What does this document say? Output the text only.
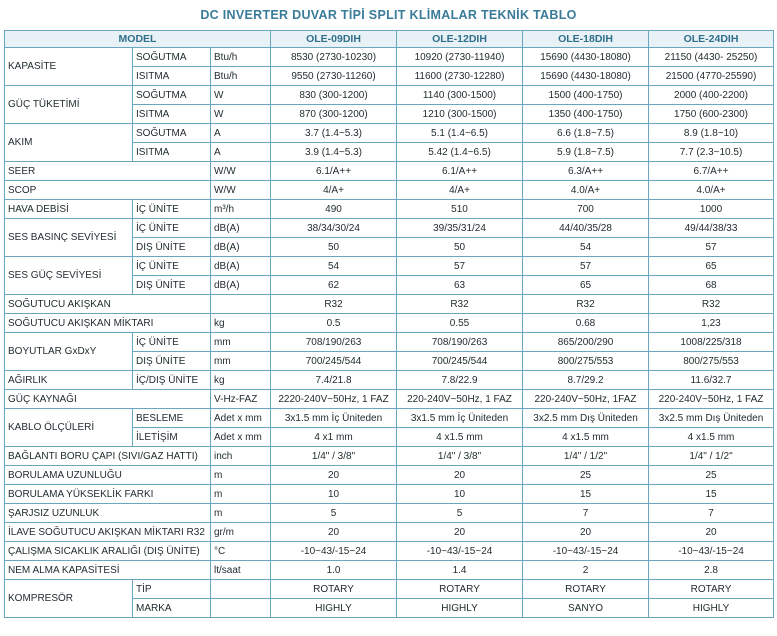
DC INVERTER DUVAR TİPİ SPLIT KLİMALAR TEKNİK TABLO
MODEL			OLE-09DIH	OLE-12DIH	OLE-18DIH	OLE-24DIH
KAPASİTE	SOĞUTMA	Btu/h	8530 (2730-10230)	10920 (2730-11940)	15690 (4430-18080)	21150 (4430- 25250)
	ISITMA	Btu/h	9550 (2730-11260)	11600 (2730-12280)	15690 (4430-18080)	21500 (4770-25590)
GÜÇ TÜKETİMİ	SOĞUTMA	W	830 (300-1200)	1140 (300-1500)	1500 (400-1750)	2000 (400-2200)
	ISITMA	W	870 (300-1200)	1210 (300-1500)	1350 (400-1750)	1750 (600-2300)
AKIM	SOĞUTMA	A	3.7 (1.4~5.3)	5.1 (1.4~6.5)	6.6 (1.8~7.5)	8.9 (1.8~10)
	ISITMA	A	3.9 (1.4~5.3)	5.42 (1.4~6.5)	5.9 (1.8~7.5)	7.7 (2.3~10.5)
SEER		W/W	6.1/A++	6.1/A++	6.3/A++	6.7/A++
SCOP		W/W	4/A+	4/A+	4.0/A+	4.0/A+
HAVA DEBİSİ	İÇ ÜNİTE	m³/h	490	510	700	1000
SES BASINÇ SEVİYESİ	İÇ ÜNİTE	dB(A)	38/34/30/24	39/35/31/24	44/40/35/28	49/44/38/33
	DIŞ ÜNİTE	dB(A)	50	50	54	57
SES GÜÇ SEVİYESİ	İÇ ÜNİTE	dB(A)	54	57	57	65
	DIŞ ÜNİTE	dB(A)	62	63	65	68
SOĞUTUCU AKIŞKAN			R32	R32	R32	R32
SOĞUTUCU AKIŞKAN MİKTARI		kg	0.5	0.55	0.68	1,23
BOYUTLAR GxDxY	İÇ ÜNİTE	mm	708/190/263	708/190/263	865/200/290	1008/225/318
	DIŞ ÜNİTE	mm	700/245/544	700/245/544	800/275/553	800/275/553
AĞIRLIK	İÇ/DIŞ ÜNİTE	kg	7.4/21.8	7.8/22.9	8.7/29.2	11.6/32.7
GÜÇ KAYNAĞI		V-Hz-FAZ	2220-240V~50Hz, 1 FAZ	220-240V~50Hz, 1 FAZ	220-240V~50Hz, 1FAZ	220-240V~50Hz, 1 FAZ
KABLO ÖLÇÜLERİ	BESLEME	Adet x mm	3x1.5 mm İç Üniteden	3x1.5 mm İç Üniteden	3x2.5 mm Dış Üniteden	3x2.5 mm Dış Üniteden
	İLETİŞİM	Adet x mm	4 x1 mm	4 x1.5 mm	4 x1.5 mm	4 x1.5 mm
BAĞLANTI BORU ÇAPI (SIVI/GAZ HATTI)		inch	1/4" / 3/8"	1/4" / 3/8"	1/4" / 1/2"	1/4" / 1/2"
BORULAMA UZUNLUĞU		m	20	20	25	25
BORULAMA YÜKSEKLİK FARKI		m	10	10	15	15
ŞARJSIZ UZUNLUK		m	5	5	7	7
İLAVE SOĞUTUCU AKIŞKAN MİKTARI R32		gr/m	20	20	20	20
ÇALIŞMA SICAKLIK ARALIĞI (DIŞ ÜNİTE)		°C	-10~43/-15~24	-10~43/-15~24	-10~43/-15~24	-10~43/-15~24
NEM ALMA KAPASİTESİ		lt/saat	1.0	1.4	2	2.8
KOMPRESÖR	TİP		ROTARY	ROTARY	ROTARY	ROTARY
	MARKA		HIGHLY	HIGHLY	SANYO	HIGHLY
